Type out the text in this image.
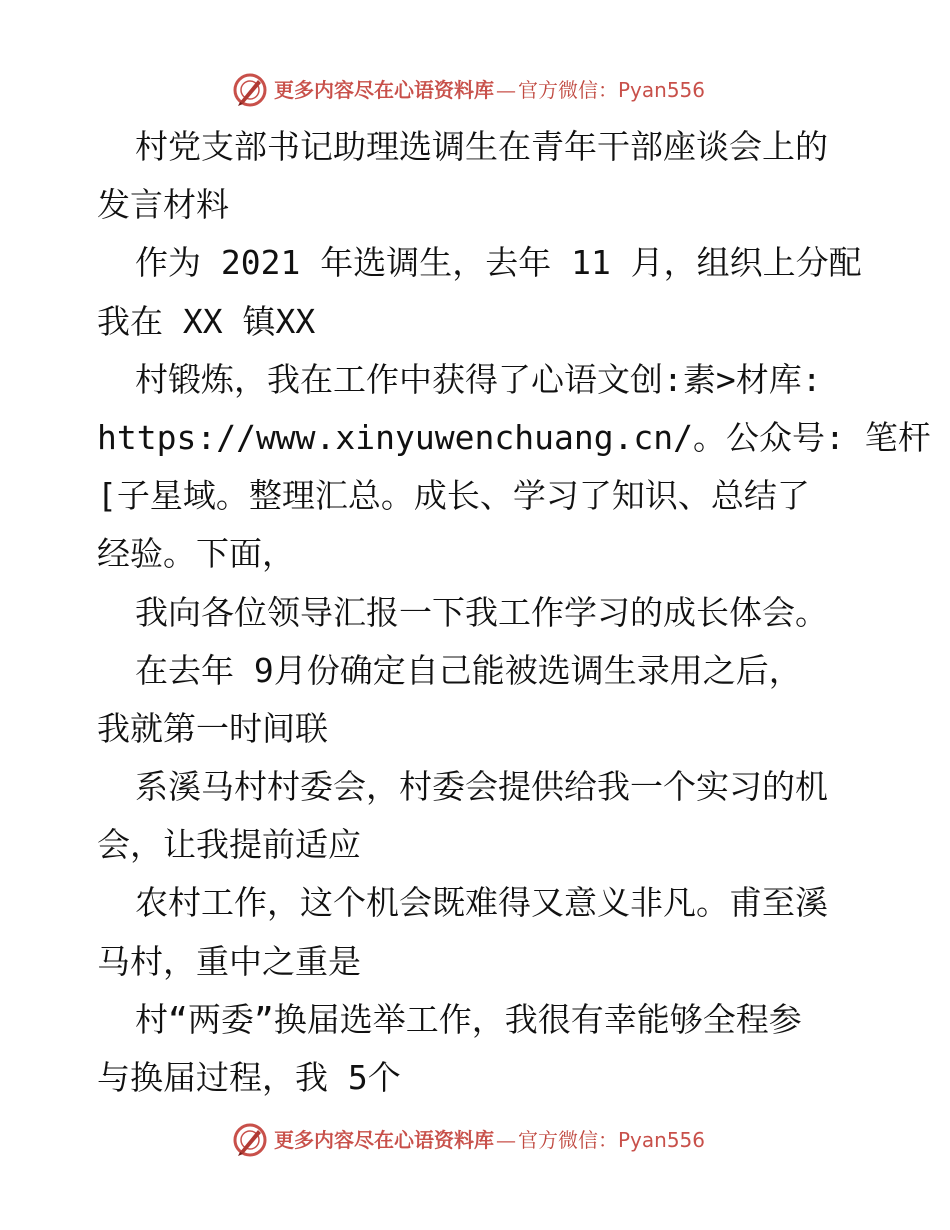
更多内容尽在心语资料库 — 官方微信： Pyan556
村党支部书记助理选调生在青年干部座谈会上的
发言材料
作为 2021 年选调生，去年 11 月，组织上分配
我在 XX 镇XX
村锻炼，我在工作中获得了心语文创:素>材库:
https://www.xinyuwenchuang.cn/。公众号: 笔杆
[子星域。整理汇总。成长、学习了知识、总结了
经验。下面，
我向各位领导汇报一下我工作学习的成长体会。
在去年 9月份确定自己能被选调生录用之后，
我就第一时间联
系溪马村村委会，村委会提供给我一个实习的机
会，让我提前适应
农村工作，这个机会既难得又意义非凡。甫至溪
马村，重中之重是
村“两委”换届选举工作，我很有幸能够全程参
与换届过程，我 5个
更多内容尽在心语资料库 — 官方微信： Pyan556
